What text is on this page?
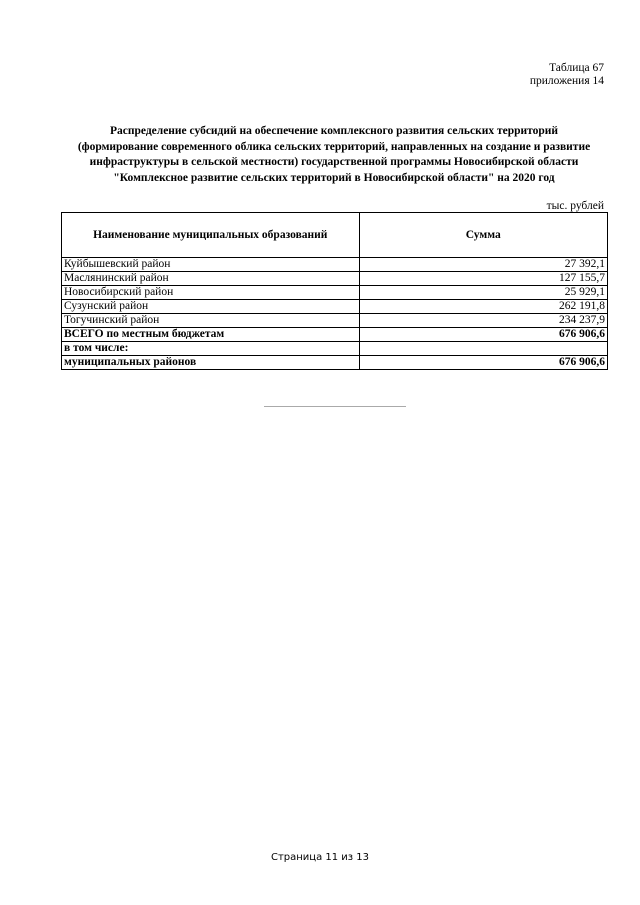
Таблица 67
приложения 14
Распределение субсидий на обеспечение комплексного развития сельских территорий
(формирование современного облика сельских территорий, направленных на создание и развитие
инфраструктуры в сельской местности) государственной программы Новосибирской области
"Комплексное развитие сельских территорий в Новосибирской области" на 2020 год
тыс. рублей
Наименование муниципальных образований	Сумма
Куйбышевский район	27 392,1
Маслянинский район	127 155,7
Новосибирский район	25 929,1
Сузунский район	262 191,8
Тогучинский район	234 237,9
ВСЕГО по местным бюджетам	676 906,6
в том числе:	
муниципальных районов	676 906,6
Страница 11 из 13
